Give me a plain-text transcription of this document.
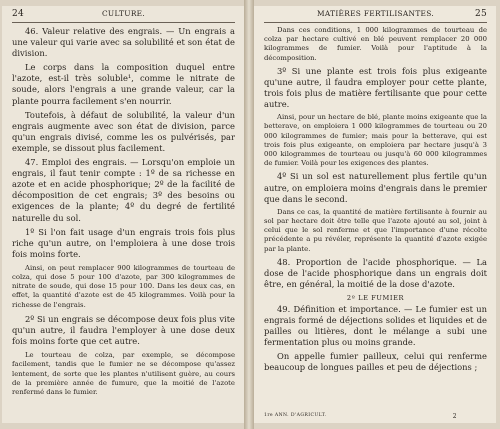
24	CULTURE.

46. Valeur relative des engrais. — Un engrais a une valeur qui varie avec sa solubilité et son état de division.

Le corps dans la composition duquel entre l'azote, est-il très soluble¹, comme le nitrate de soude, alors l'engrais a une grande valeur, car la plante pourra facilement s'en nourrir.

Toutefois, à défaut de solubilité, la valeur d'un engrais augmente avec son état de division, parce qu'un engrais divisé, comme les os pulvérisés, par exemple, se dissout plus facilement.

47. Emploi des engrais. — Lorsqu'on emploie un engrais, il faut tenir compte : 1º de sa richesse en azote et en acide phosphorique; 2º de la facilité de décomposition de cet engrais; 3º des besoins ou exigences de la plante; 4º du degré de fertilité naturelle du sol.

1º Si l'on fait usage d'un engrais trois fois plus riche qu'un autre, on l'emploiera à une dose trois fois moins forte.

Ainsi, on peut remplacer 900 kilogrammes de tourteau de colza, qui dose 5 pour 100 d'azote, par 300 kilogrammes de nitrate de soude, qui dose 15 pour 100. Dans les deux cas, en effet, la quantité d'azote est de 45 kilogrammes. Voilà pour la richesse de l'engrais.

2º Si un engrais se décompose deux fois plus vite qu'un autre, il faudra l'employer à une dose deux fois moins forte que cet autre.

Le tourteau de colza, par exemple, se décompose facilement, tandis que le fumier ne se décompose qu'assez lentement, de sorte que les plantes n'utilisent guère, au cours de la première année de fumure, que la moitié de l'azote renfermé dans le fumier.

MATIÈRES FERTILISANTES.	25

Dans ces conditions, 1 000 kilogrammes de tourteau de colza par hectare cultivé en blé peuvent remplacer 20 000 kilogrammes de fumier. Voilà pour l'aptitude à la décomposition.

3º Si une plante est trois fois plus exigeante qu'une autre, il faudra employer pour cette plante, trois fois plus de matière fertilisante que pour cette autre.

Ainsi, pour un hectare de blé, plante moins exigeante que la betterave, on emploiera 1 000 kilogrammes de tourteau ou 20 000 kilogrammes de fumier; mais pour la betterave, qui est trois fois plus exigeante, on emploiera par hectare jusqu'à 3 000 kilogrammes de tourteau ou jusqu'à 60 000 kilogrammes de fumier. Voilà pour les exigences des plantes.

4º Si un sol est naturellement plus fertile qu'un autre, on emploiera moins d'engrais dans le premier que dans le second.

Dans ce cas, la quantité de matière fertilisante à fournir au sol par hectare doit être telle que l'azote ajouté au sol, joint à celui que le sol renferme et que l'importance d'une récolte précédente a pu révéler, représente la quantité d'azote exigée par la plante.

48. Proportion de l'acide phosphorique. — La dose de l'acide phosphorique dans un engrais doit être, en général, la moitié de la dose d'azote.

2º LE FUMIER

49. Définition et importance. — Le fumier est un engrais formé de déjections solides et liquides et de pailles ou litières, dont le mélange a subi une fermentation plus ou moins grande.

On appelle fumier pailleux, celui qui renferme beaucoup de longues pailles et peu de déjections ;

1re ANN. D'AGRICULT.	2
